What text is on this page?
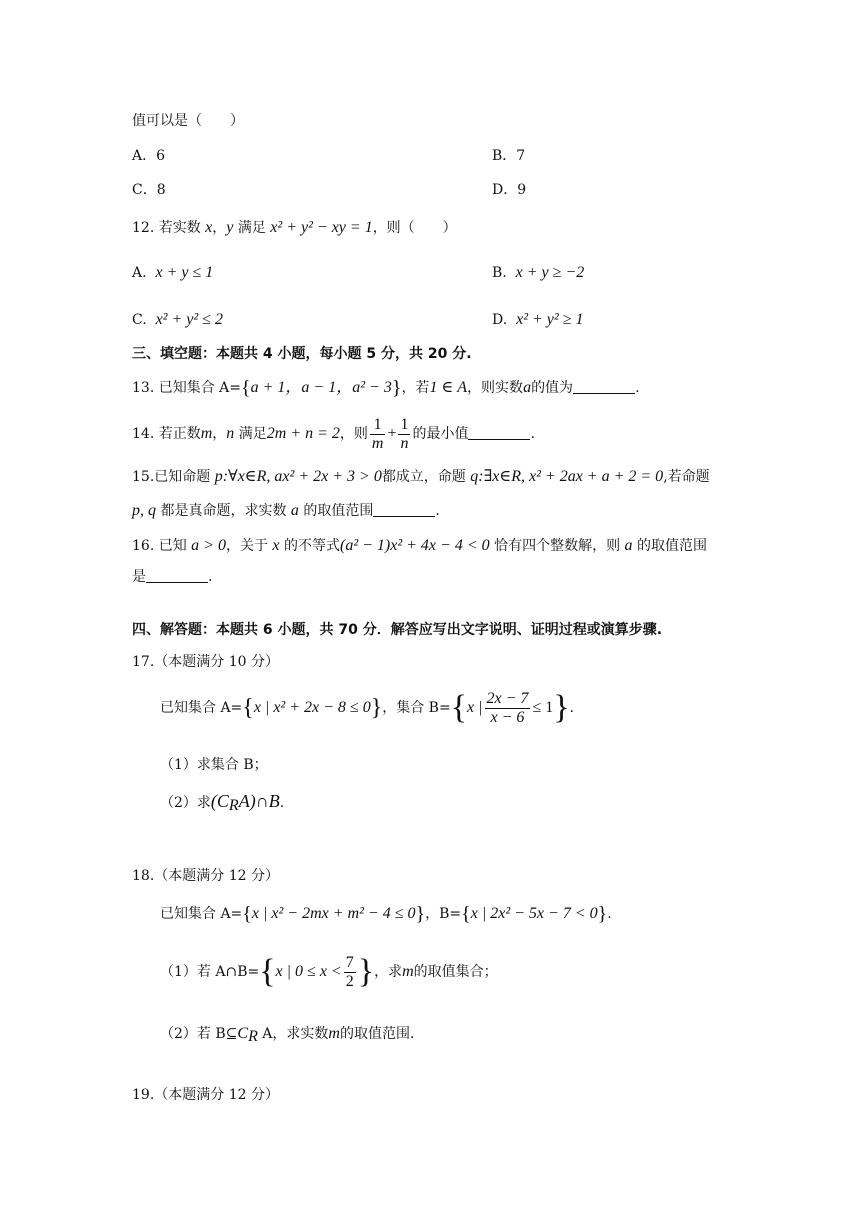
值可以是（　　）
A．6	B．7
C．8	D．9
12. 若实数 x，y 满足 x² + y² − xy = 1，则（　　）
A. x + y ≤ 1	B. x + y ≥ −2
C. x² + y² ≤ 2	D. x² + y² ≥ 1
三、填空题：本题共 4 小题，每小题 5 分，共 20 分.
13. 已知集合 A={a + 1，a − 1，a² − 3}，若1 ∈ A，则实数a的值为	.
14. 若正数m，n 满足2m + n = 2，则 $\frac{1}{m} + \frac{1}{n}$ 的最小值	.
15.已知命题 p:∀x∈R, ax² + 2x + 3 > 0都成立，命题 q:∃x∈R, x² + 2ax + a + 2 = 0,若命题
p, q 都是真命题，求实数 a 的取值范围	.
16. 已知 a > 0，关于 x 的不等式(a² − 1)x² + 4x − 4 < 0 恰有四个整数解，则 a 的取值范围
是	.
四、解答题：本题共 6 小题，共 70 分．解答应写出文字说明、证明过程或演算步骤.
17.（本题满分 10 分）
已知集合 A={x | x² + 2x − 8 ≤ 0}，集合 B={x | $\frac{2x - 7}{x - 6} \le 1$}.
（1）求集合 B；
（2）求$(C_RA)\cap B$.
18.（本题满分 12 分）
已知集合 A={x | x² − 2mx + m² − 4 ≤ 0}，B={x | 2x² − 5x − 7 < 0}.
（1）若 A∩B={x | $0 \le x < \frac{7}{2}$ }，求m的取值集合；
（2）若 $B⊆C_R$ A，求实数m的取值范围.
19.（本题满分 12 分）
